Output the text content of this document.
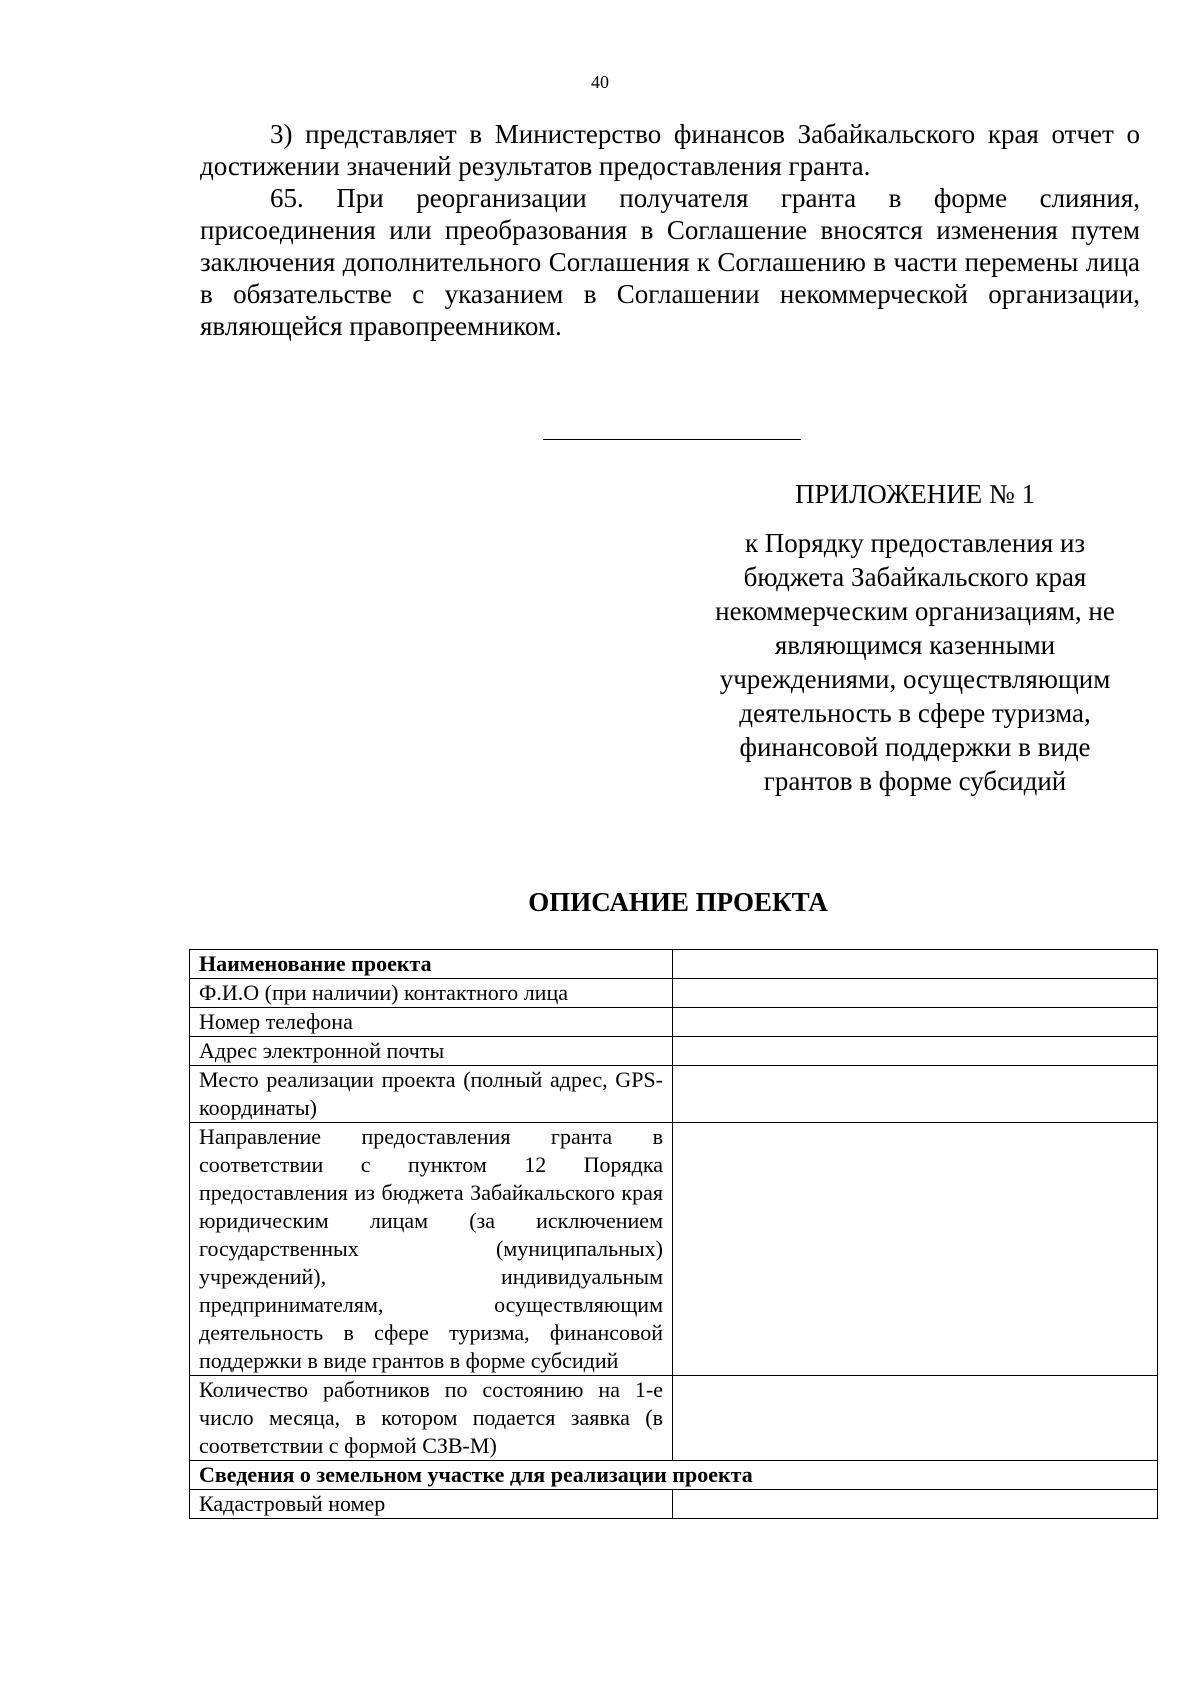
40

3) представляет в Министерство финансов Забайкальского края отчет о достижении значений результатов предоставления гранта.

65. При реорганизации получателя гранта в форме слияния, присоединения или преобразования в Соглашение вносятся изменения путем заключения дополнительного Соглашения к Соглашению в части перемены лица в обязательстве с указанием в Соглашении некоммерческой организации, являющейся правопреемником.

ПРИЛОЖЕНИЕ № 1
к Порядку предоставления из
бюджета Забайкальского края
некоммерческим организациям, не
являющимся казенными
учреждениями, осуществляющим
деятельность в сфере туризма,
финансовой поддержки в виде
грантов в форме субсидий
ОПИСАНИЕ ПРОЕКТА
Наименование проекта	
Ф.И.О (при наличии) контактного лица	
Номер телефона	
Адрес электронной почты	
Место реализации проекта (полный адрес, GPS-координаты)	
Направление предоставления гранта в соответствии с пунктом 12 Порядка предоставления из бюджета Забайкальского края юридическим лицам (за исключением государственных (муниципальных) учреждений), индивидуальным предпринимателям, осуществляющим деятельность в сфере туризма, финансовой поддержки в виде грантов в форме субсидий	
Количество работников по состоянию на 1-е число месяца, в котором подается заявка (в соответствии с формой СЗВ-М)	
Сведения о земельном участке для реализации проекта	
Кадастровый номер	
